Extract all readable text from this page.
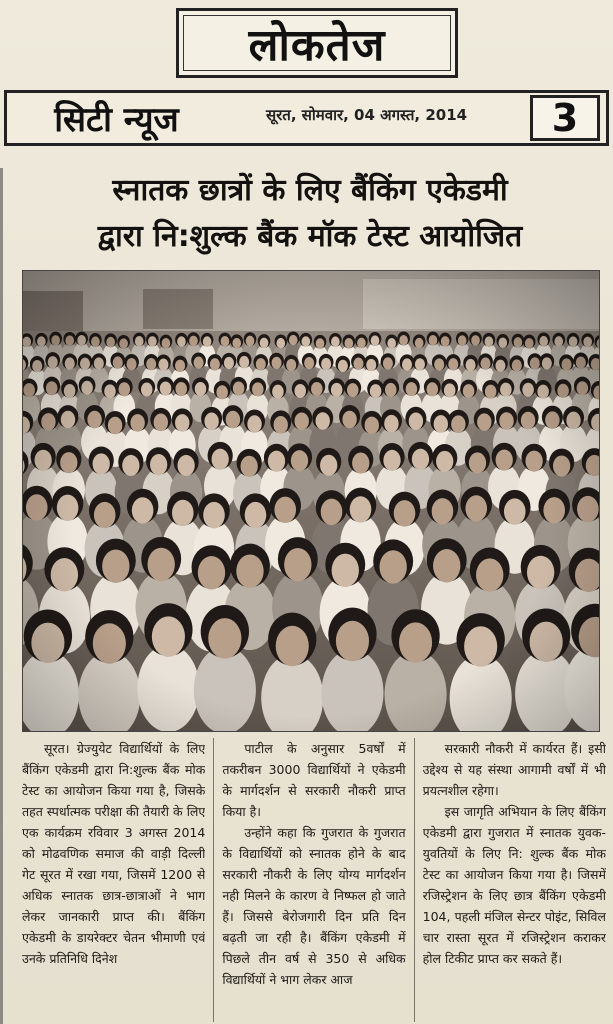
लोकतेज
सिटी न्यूज	सूरत, सोमवार, 04 अगस्त, 2014 3
स्नातक छात्रों के लिए बैंकिंग एकेडमी
द्वारा नि:शुल्क बैंक मॉक टेस्ट आयोजित

सूरत। ग्रेज्युयेट विद्यार्थियों के लिए बैंकिंग एकेडमी द्वारा नि:शुल्क बैंक मोक टेस्ट का आयोजन किया गया है, जिसके तहत स्पर्धात्मक परीक्षा की तैयारी के लिए एक कार्यक्रम रविवार 3 अगस्त 2014 को मोढवणिक समाज की वाड़ी दिल्ली गेट सूरत में रखा गया, जिसमें 1200 से अधिक स्नातक छात्र-छात्राओं ने भाग लेकर जानकारी प्राप्त की। बैंकिंग एकेडमी के डायरेक्टर चेतन भीमाणी एवं उनके प्रतिनिधि दिनेश

पाटील के अनुसार 5वर्षों में तकरीबन 3000 विद्यार्थियों ने एकेडमी के मार्गदर्शन से सरकारी नौकरी प्राप्त किया है।

उन्होंने कहा कि गुजरात के गुजरात के विद्यार्थियों को स्नातक होने के बाद सरकारी नौकरी के लिए योग्य मार्गदर्शन नही मिलने के कारण वे निष्फल हो जाते हैं। जिससे बेरोजगारी दिन प्रति दिन बढ़ती जा रही है। बैंकिंग एकेडमी में पिछले तीन वर्ष से 350 से अधिक विद्यार्थियों ने भाग लेकर आज

सरकारी नौकरी में कार्यरत हैं। इसी उद्देश्य से यह संस्था आगामी वर्षों में भी प्रयत्नशील रहेगा।

इस जागृति अभियान के लिए बैंकिंग एकेडमी द्वारा गुजरात में स्नातक युवक-युवतियों के लिए नि: शुल्क बैंक मोक टेस्ट का आयोजन किया गया है। जिसमें रजिस्ट्रेशन के लिए छात्र बैंकिंग एकेडमी 104, पहली मंजिल सेन्टर पोइंट, सिविल चार रास्ता सूरत में रजिस्ट्रेशन कराकर होल टिकीट प्राप्त कर सकते हैं।
